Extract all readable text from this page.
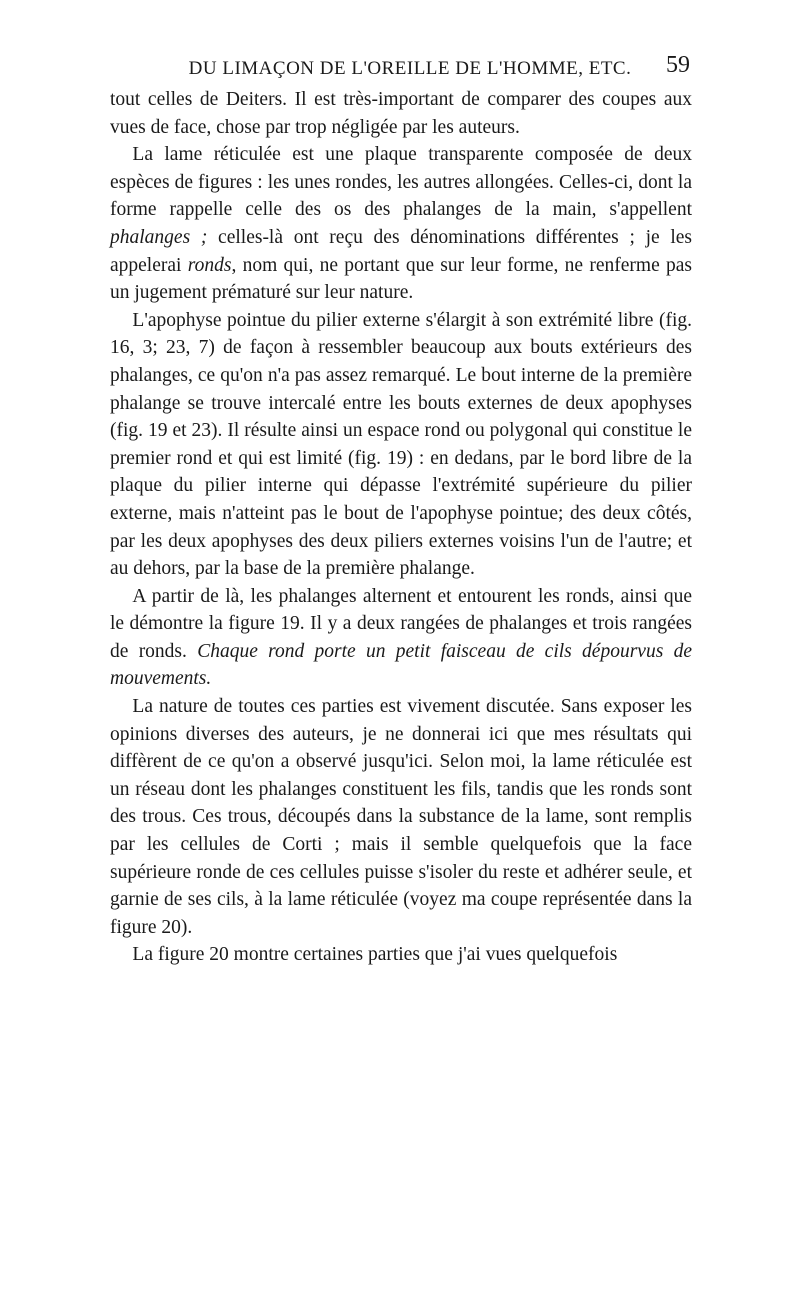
DU LIMAÇON DE L'OREILLE DE L'HOMME, ETC.	59

tout celles de Deiters. Il est très-important de comparer des coupes aux vues de face, chose par trop négligée par les auteurs.

La lame réticulée est une plaque transparente composée de deux espèces de figures : les unes rondes, les autres allongées. Celles-ci, dont la forme rappelle celle des os des phalanges de la main, s'appellent phalanges ; celles-là ont reçu des dénominations différentes ; je les appelerai ronds, nom qui, ne portant que sur leur forme, ne renferme pas un jugement prématuré sur leur nature.

L'apophyse pointue du pilier externe s'élargit à son extrémité libre (fig. 16, 3; 23, 7) de façon à ressembler beaucoup aux bouts extérieurs des phalanges, ce qu'on n'a pas assez remarqué. Le bout interne de la première phalange se trouve intercalé entre les bouts externes de deux apophyses (fig. 19 et 23). Il résulte ainsi un espace rond ou polygonal qui constitue le premier rond et qui est limité (fig. 19) : en dedans, par le bord libre de la plaque du pilier interne qui dépasse l'extrémité supérieure du pilier externe, mais n'atteint pas le bout de l'apophyse pointue; des deux côtés, par les deux apophyses des deux piliers externes voisins l'un de l'autre; et au dehors, par la base de la première phalange.

A partir de là, les phalanges alternent et entourent les ronds, ainsi que le démontre la figure 19. Il y a deux rangées de phalanges et trois rangées de ronds. Chaque rond porte un petit faisceau de cils dépourvus de mouvements.

La nature de toutes ces parties est vivement discutée. Sans exposer les opinions diverses des auteurs, je ne donnerai ici que mes résultats qui diffèrent de ce qu'on a observé jusqu'ici. Selon moi, la lame réticulée est un réseau dont les phalanges constituent les fils, tandis que les ronds sont des trous. Ces trous, découpés dans la substance de la lame, sont remplis par les cellules de Corti ; mais il semble quelquefois que la face supérieure ronde de ces cellules puisse s'isoler du reste et adhérer seule, et garnie de ses cils, à la lame réticulée (voyez ma coupe représentée dans la figure 20).

La figure 20 montre certaines parties que j'ai vues quelquefois
